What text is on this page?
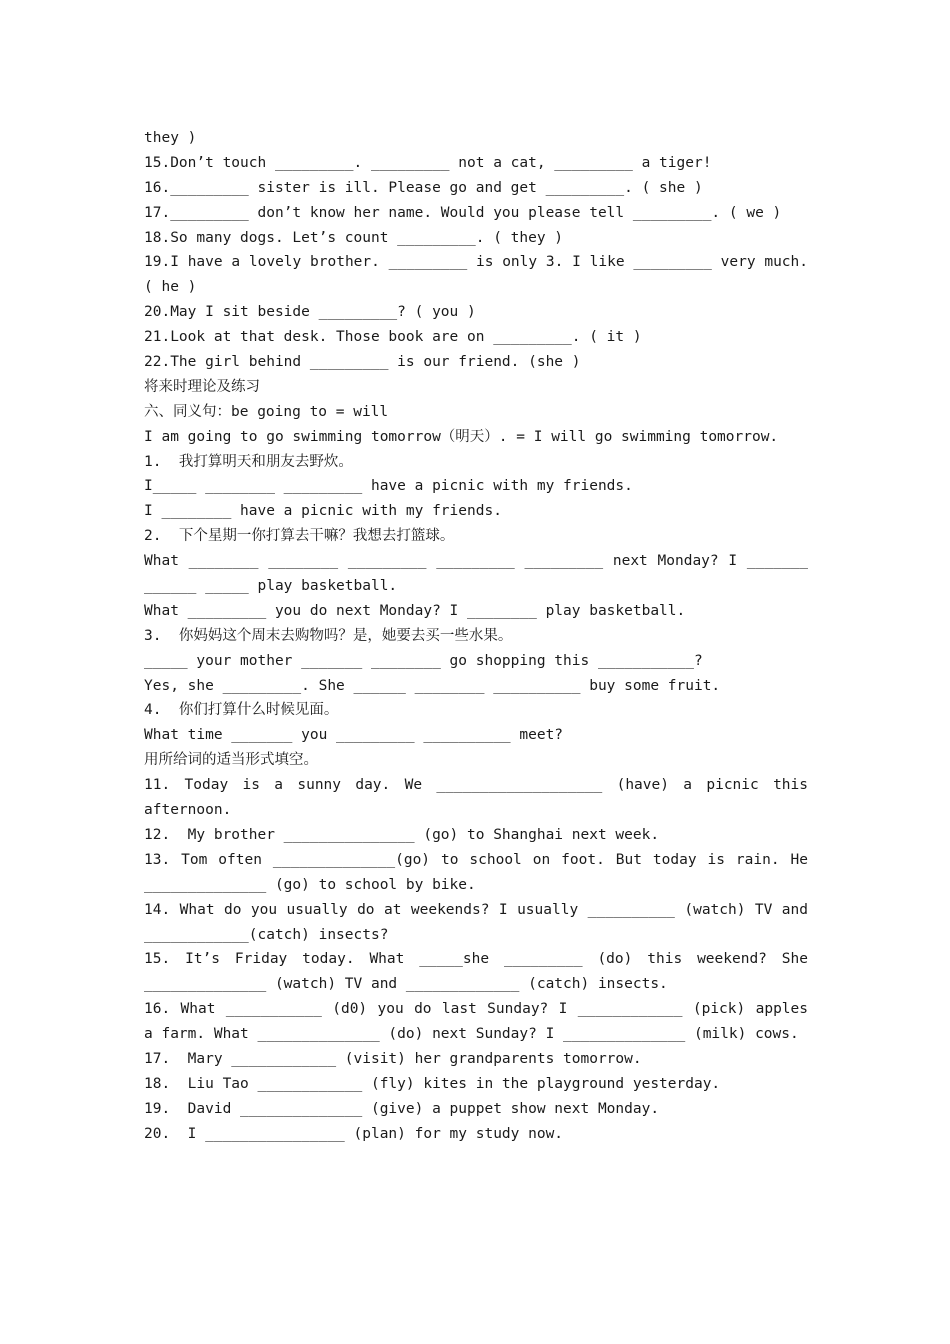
they )
15.Don’t touch _________. _________ not a cat, _________ a tiger!
16._________ sister is ill. Please go and get _________. ( she )
17._________ don’t know her name. Would you please tell _________. ( we )
18.So many dogs. Let’s count _________. ( they )
19.I have a lovely brother. _________ is only 3. I like _________ very much.
( he )
20.May I sit beside _________? ( you )
21.Look at that desk. Those book are on _________. ( it )
22.The girl behind _________ is our friend. (she )
将来时理论及练习
六、同义句：be going to = will
I am going to go swimming tomorrow（明天）. = I will go swimming tomorrow.
1.  我打算明天和朋友去野炊。
I_____ ________ _________ have a picnic with my friends.
I ________ have a picnic with my friends.
2.  下个星期一你打算去干嘛？我想去打篮球。
What ________ ________ _________ _________ _________ next Monday? I _______
______ _____ play basketball.
What _________ you do next Monday? I ________ play basketball.
3.  你妈妈这个周末去购物吗？是，她要去买一些水果。
_____ your mother _______ ________ go shopping this ___________?
Yes, she _________. She ______ ________ __________ buy some fruit.
4.  你们打算什么时候见面。
What time _______ you _________ __________ meet?
用所给词的适当形式填空。
11. Today is a sunny day. We ___________________ (have) a picnic this
afternoon.
12.  My brother _______________ (go) to Shanghai next week.
13. Tom often ______________(go) to school on foot. But today is rain. He
______________ (go) to school by bike.
14. What do you usually do at weekends? I usually __________ (watch) TV and
____________(catch) insects?
15. It’s Friday today. What _____she _________ (do) this weekend? She
______________ (watch) TV and _____________ (catch) insects.
16. What ___________ (d0) you do last Sunday? I ____________ (pick) apples
a farm. What ______________ (do) next Sunday? I ______________ (milk) cows.
17.  Mary ____________ (visit) her grandparents tomorrow.
18.  Liu Tao ____________ (fly) kites in the playground yesterday.
19.  David ______________ (give) a puppet show next Monday.
20.  I ________________ (plan) for my study now.
